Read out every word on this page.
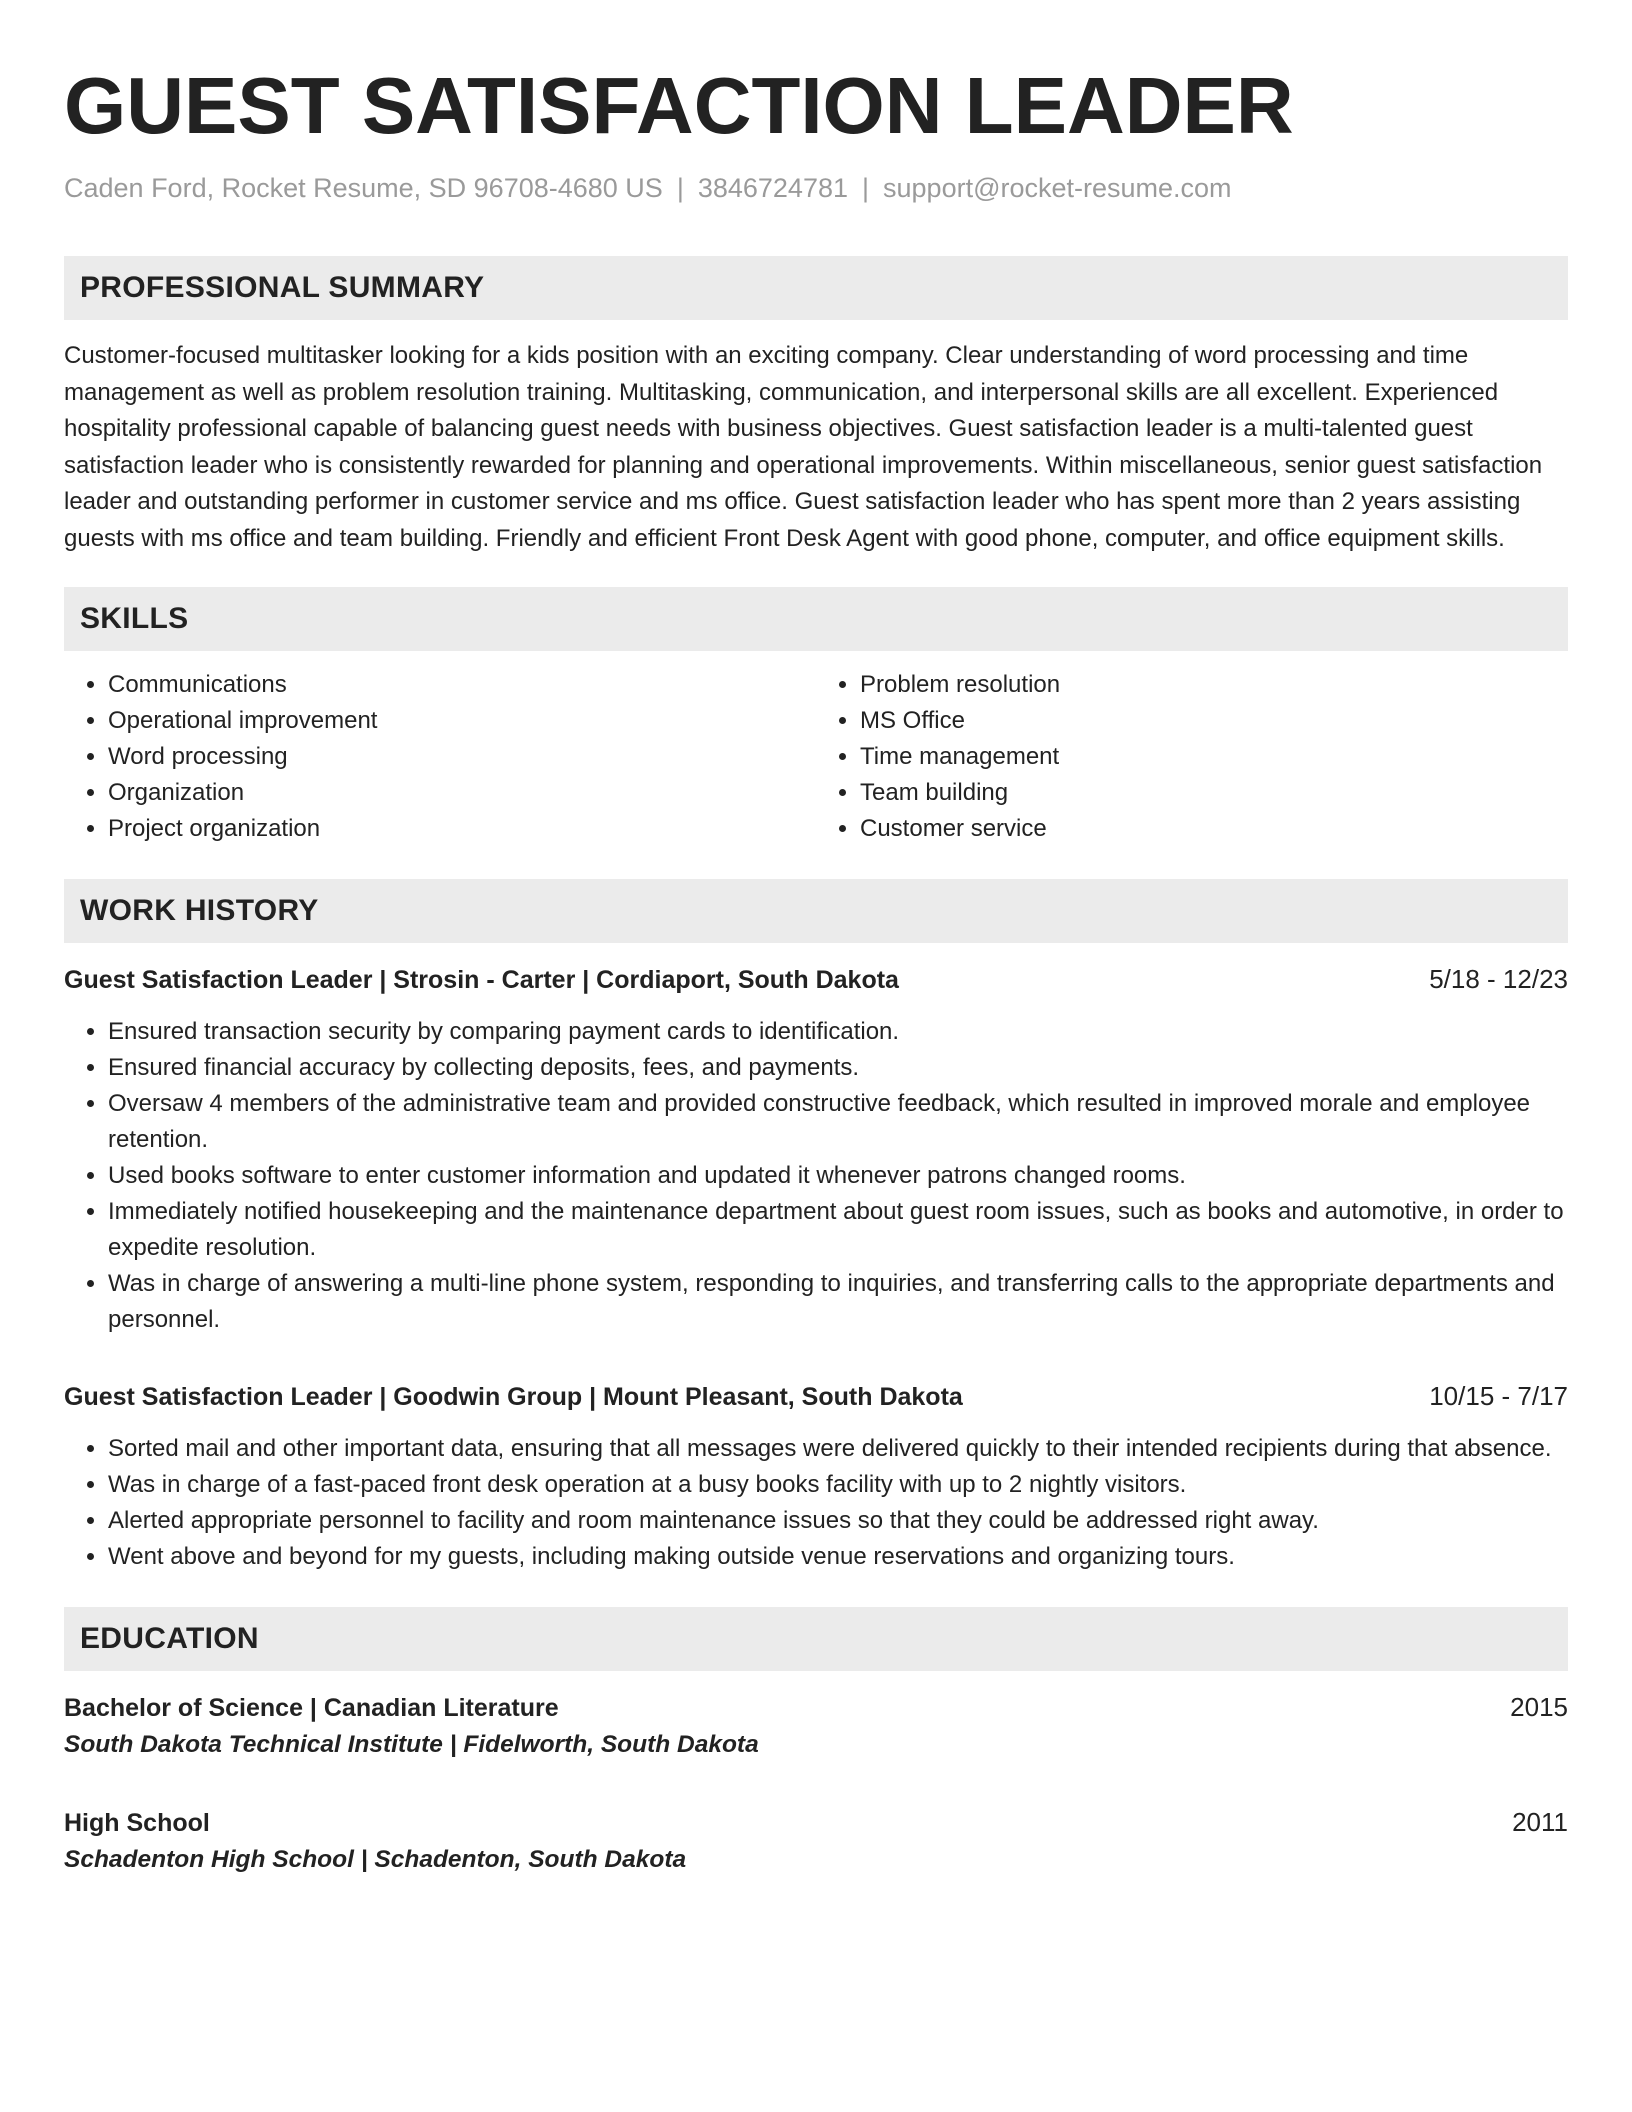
GUEST SATISFACTION LEADER
Caden Ford, Rocket Resume, SD 96708-4680 US | 3846724781 | support@rocket-resume.com
PROFESSIONAL SUMMARY

Customer-focused multitasker looking for a kids position with an exciting company. Clear understanding of word processing and time management as well as problem resolution training. Multitasking, communication, and interpersonal skills are all excellent. Experienced hospitality professional capable of balancing guest needs with business objectives. Guest satisfaction leader is a multi-talented guest satisfaction leader who is consistently rewarded for planning and operational improvements. Within miscellaneous, senior guest satisfaction leader and outstanding performer in customer service and ms office. Guest satisfaction leader who has spent more than 2 years assisting guests with ms office and team building. Friendly and efficient Front Desk Agent with good phone, computer, and office equipment skills.

SKILLS
• Communications
• Operational improvement
• Word processing
• Organization
• Project organization
• Problem resolution
• MS Office
• Time management
• Team building
• Customer service
WORK HISTORY
Guest Satisfaction Leader | Strosin - Carter | Cordiaport, South Dakota	5/18 - 12/23
• Ensured transaction security by comparing payment cards to identification.
• Ensured financial accuracy by collecting deposits, fees, and payments.
• Oversaw 4 members of the administrative team and provided constructive feedback, which resulted in improved morale and employee retention.
• Used books software to enter customer information and updated it whenever patrons changed rooms.
• Immediately notified housekeeping and the maintenance department about guest room issues, such as books and automotive, in order to expedite resolution.
• Was in charge of answering a multi-line phone system, responding to inquiries, and transferring calls to the appropriate departments and personnel.
Guest Satisfaction Leader | Goodwin Group | Mount Pleasant, South Dakota	10/15 - 7/17
• Sorted mail and other important data, ensuring that all messages were delivered quickly to their intended recipients during that absence.
• Was in charge of a fast-paced front desk operation at a busy books facility with up to 2 nightly visitors.
• Alerted appropriate personnel to facility and room maintenance issues so that they could be addressed right away.
• Went above and beyond for my guests, including making outside venue reservations and organizing tours.
EDUCATION
Bachelor of Science | Canadian Literature	2015
South Dakota Technical Institute | Fidelworth, South Dakota
High School	2011
Schadenton High School | Schadenton, South Dakota
